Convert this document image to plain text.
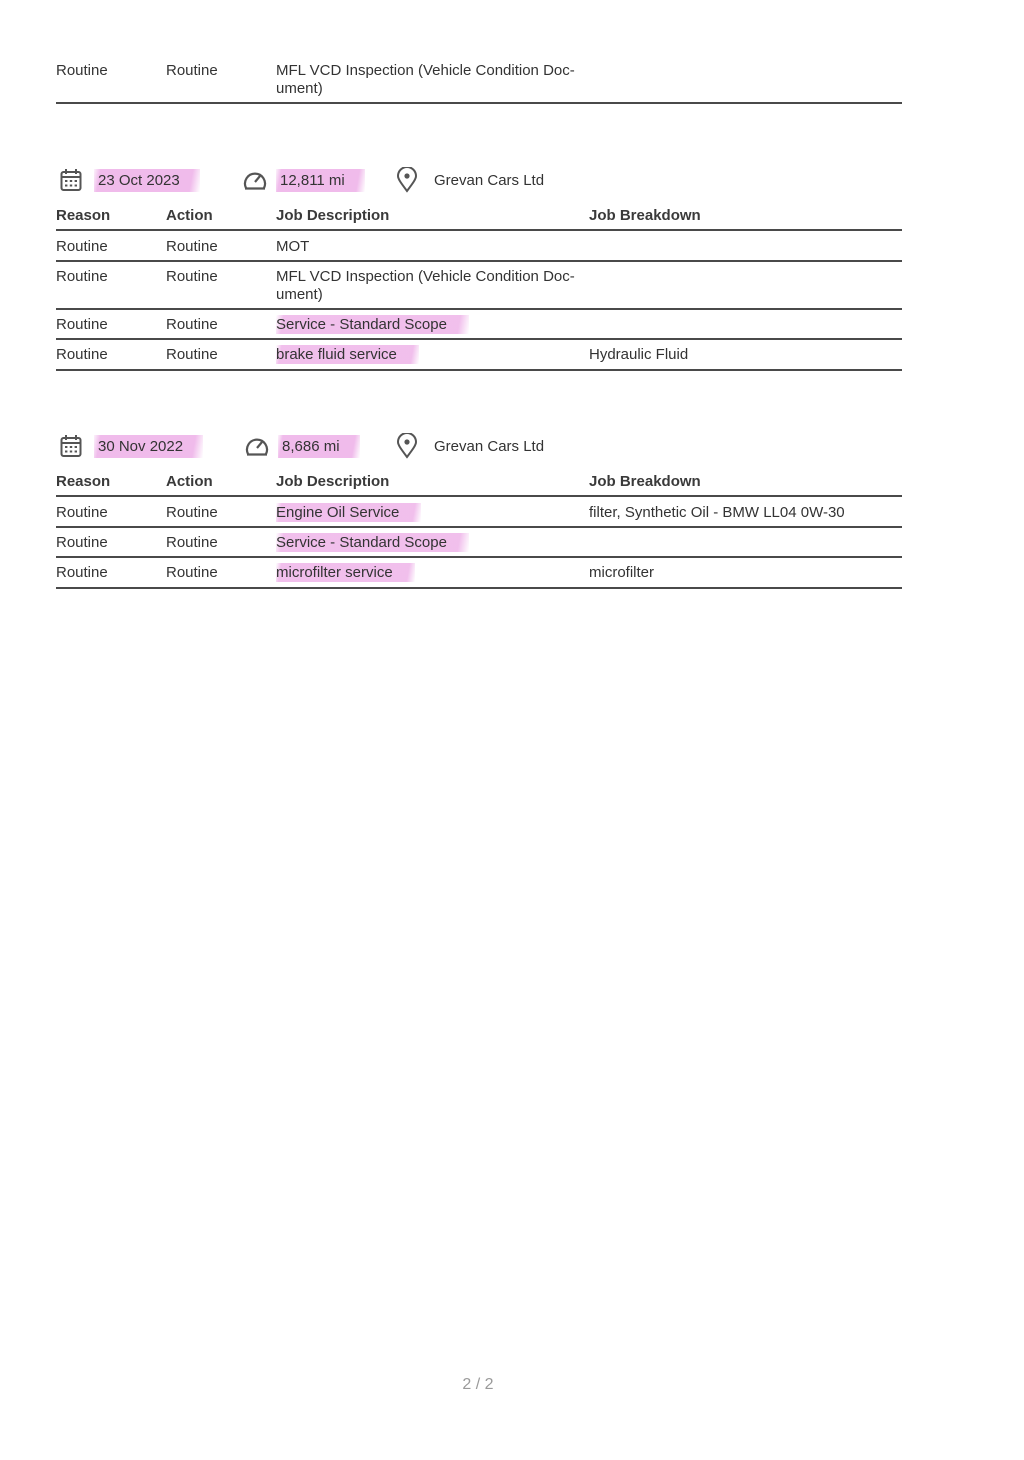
Routine	Routine	MFL VCD Inspection (Vehicle Condition Doc-
ument)
23 Oct 2023	12,811 mi	Grevan Cars Ltd
Reason	Action	Job Description	Job Breakdown
Routine	Routine	MOT
Routine	Routine	MFL VCD Inspection (Vehicle Condition Doc-
ument)
Routine	Routine	Service - Standard Scope
Routine	Routine	brake fluid service	Hydraulic Fluid
30 Nov 2022	8,686 mi	Grevan Cars Ltd
Reason	Action	Job Description	Job Breakdown
Routine	Routine	Engine Oil Service	filter, Synthetic Oil - BMW LL04 0W-30
Routine	Routine	Service - Standard Scope
Routine	Routine	microfilter service	microfilter
2 / 2
